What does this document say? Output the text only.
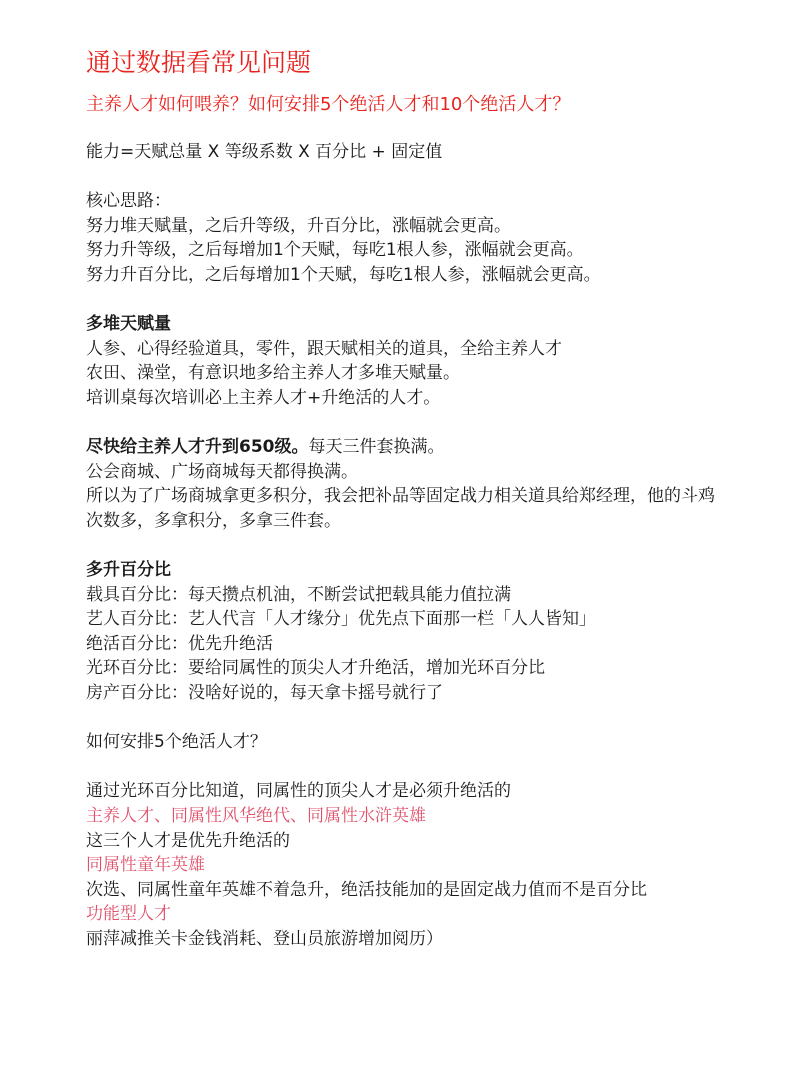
通过数据看常见问题

主养人才如何喂养？如何安排5个绝活人才和10个绝活人才？

能力=天赋总量 X 等级系数 X 百分比 + 固定值

核心思路：

努力堆天赋量，之后升等级，升百分比，涨幅就会更高。

努力升等级，之后每增加1个天赋，每吃1根人参，涨幅就会更高。

努力升百分比，之后每增加1个天赋，每吃1根人参，涨幅就会更高。

多堆天赋量

人参、心得经验道具，零件，跟天赋相关的道具，全给主养人才

农田、澡堂，有意识地多给主养人才多堆天赋量。

培训桌每次培训必上主养人才+升绝活的人才。

尽快给主养人才升到650级。每天三件套换满。

公会商城、广场商城每天都得换满。

所以为了广场商城拿更多积分，我会把补品等固定战力相关道具给郑经理，他的斗鸡次数多，多拿积分，多拿三件套。

多升百分比

载具百分比：每天攒点机油，不断尝试把载具能力值拉满

艺人百分比：艺人代言「人才缘分」优先点下面那一栏「人人皆知」

绝活百分比：优先升绝活

光环百分比：要给同属性的顶尖人才升绝活，增加光环百分比

房产百分比：没啥好说的，每天拿卡摇号就行了

如何安排5个绝活人才？

通过光环百分比知道，同属性的顶尖人才是必须升绝活的

主养人才、同属性风华绝代、同属性水浒英雄

这三个人才是优先升绝活的

同属性童年英雄

次选、同属性童年英雄不着急升，绝活技能加的是固定战力值而不是百分比

功能型人才

丽萍减推关卡金钱消耗、登山员旅游增加阅历）
